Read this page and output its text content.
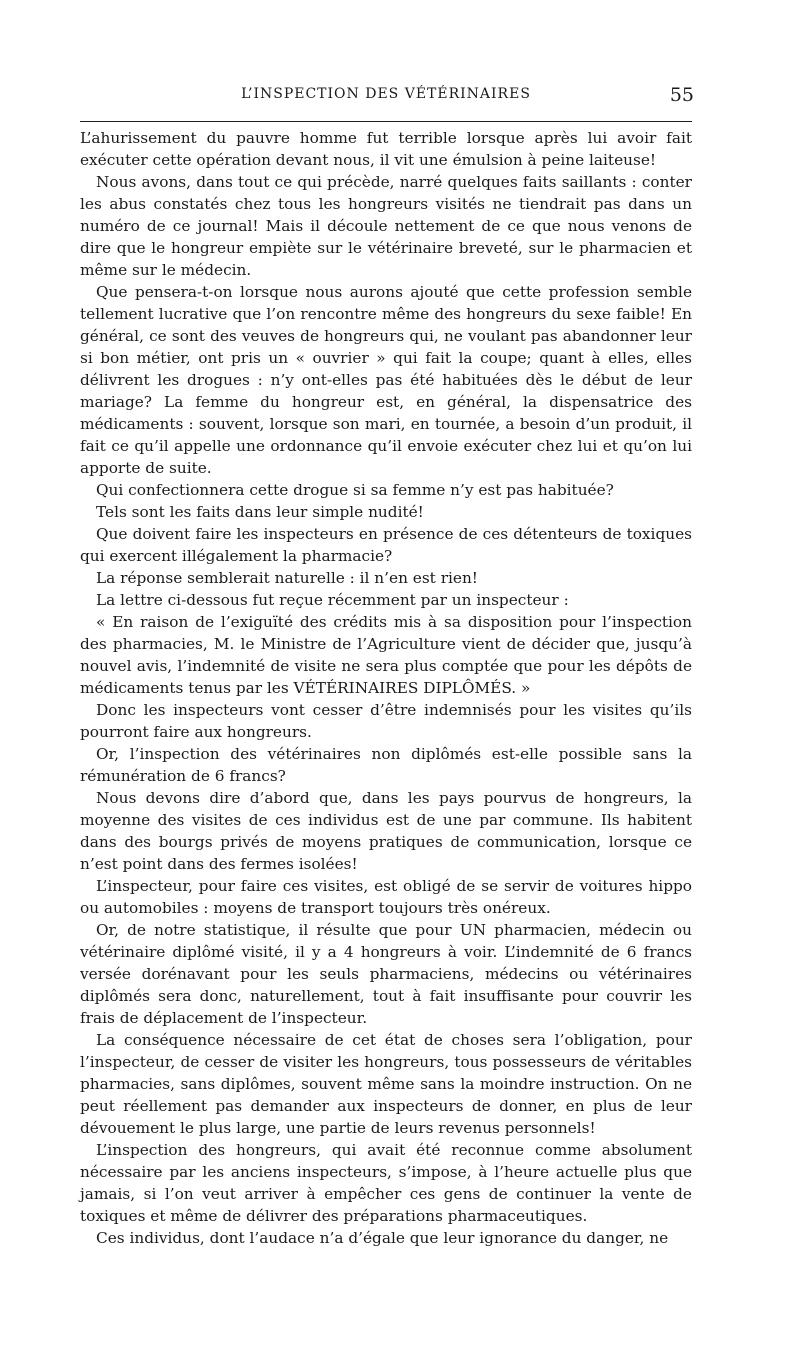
L’INSPECTION DES VÉTÉRINAIRES	55

L’ahurissement du pauvre homme fut terrible lorsque après lui avoir fait exécuter cette opération devant nous, il vit une émulsion à peine laiteuse!

Nous avons, dans tout ce qui précède, narré quelques faits saillants : conter les abus constatés chez tous les hongreurs visités ne tiendrait pas dans un numéro de ce journal! Mais il découle nettement de ce que nous venons de dire que le hongreur empiète sur le vétérinaire breveté, sur le pharmacien et même sur le médecin.

Que pensera-t-on lorsque nous aurons ajouté que cette profession semble tellement lucrative que l’on rencontre même des hongreurs du sexe faible! En général, ce sont des veuves de hongreurs qui, ne voulant pas abandonner leur si bon métier, ont pris un « ouvrier » qui fait la coupe; quant à elles, elles délivrent les drogues : n’y ont-elles pas été habituées dès le début de leur mariage? La femme du hongreur est, en général, la dispensatrice des médicaments : souvent, lorsque son mari, en tournée, a besoin d’un produit, il fait ce qu’il appelle une ordonnance qu’il envoie exécuter chez lui et qu’on lui apporte de suite.

Qui confectionnera cette drogue si sa femme n’y est pas habituée?

Tels sont les faits dans leur simple nudité!

Que doivent faire les inspecteurs en présence de ces détenteurs de toxiques qui exercent illégalement la pharmacie?

La réponse semblerait naturelle : il n’en est rien!

La lettre ci-dessous fut reçue récemment par un inspecteur :

« En raison de l’exiguïté des crédits mis à sa disposition pour l’inspection des pharmacies, M. le Ministre de l’Agriculture vient de décider que, jusqu’à nouvel avis, l’indemnité de visite ne sera plus comptée que pour les dépôts de médicaments tenus par les VÉTÉRINAIRES DIPLÔMÉS. »

Donc les inspecteurs vont cesser d’être indemnisés pour les visites qu’ils pourront faire aux hongreurs.

Or, l’inspection des vétérinaires non diplômés est-elle possible sans la rémunération de 6 francs?

Nous devons dire d’abord que, dans les pays pourvus de hongreurs, la moyenne des visites de ces individus est de une par commune. Ils habitent dans des bourgs privés de moyens pratiques de communication, lorsque ce n’est point dans des fermes isolées!

L’inspecteur, pour faire ces visites, est obligé de se servir de voitures hippo ou automobiles : moyens de transport toujours très onéreux.

Or, de notre statistique, il résulte que pour UN pharmacien, médecin ou vétérinaire diplômé visité, il y a 4 hongreurs à voir. L’indemnité de 6 francs versée dorénavant pour les seuls pharmaciens, médecins ou vétérinaires diplômés sera donc, naturellement, tout à fait insuffisante pour couvrir les frais de déplacement de l’inspecteur.

La conséquence nécessaire de cet état de choses sera l’obligation, pour l’inspecteur, de cesser de visiter les hongreurs, tous possesseurs de véritables pharmacies, sans diplômes, souvent même sans la moindre instruction. On ne peut réellement pas demander aux inspecteurs de donner, en plus de leur dévouement le plus large, une partie de leurs revenus personnels!

L’inspection des hongreurs, qui avait été reconnue comme absolument nécessaire par les anciens inspecteurs, s’impose, à l’heure actuelle plus que jamais, si l’on veut arriver à empêcher ces gens de continuer la vente de toxiques et même de délivrer des préparations pharmaceutiques.

Ces individus, dont l’audace n’a d’égale que leur ignorance du danger, ne
